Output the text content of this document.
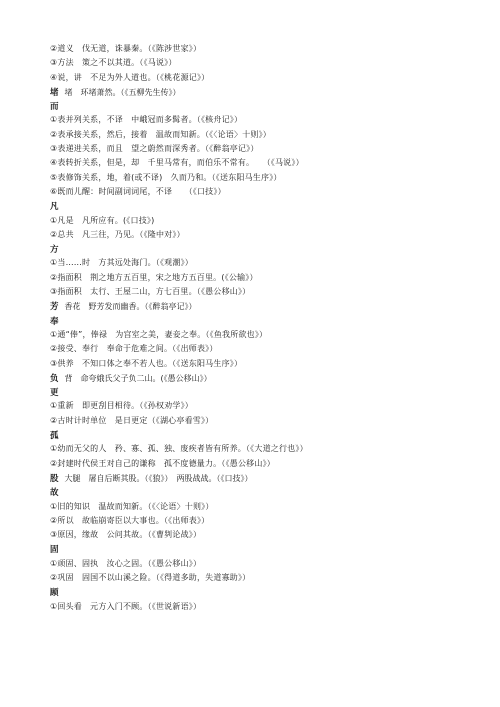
②道义　伐无道，诛暴秦。（《陈涉世家》）
③方法　策之不以其道。（《马说》）
④说，讲　不足为外人道也。（《桃花源记》）
堵 堵　环堵萧然。（《五柳先生传》）
而
①表并列关系，不译　中峨冠而多髯者。（《核舟记》）
②表承接关系，然后，接着　温故而知新。（《〈论语〉十则》）
③表递进关系，而且　望之蔚然而深秀者。（《醉翁亭记》）
④表转折关系，但是，却　千里马常有，而伯乐不常有。　　（《马说》）
⑤表修饰关系，地，着(或不译)　久而乃和。（《送东阳马生序》）
⑥既而儿醒：时间副词词尾，不译　　（《口技》）
凡
①凡是　凡所应有。(《口技》)
②总共　凡三往，乃见。（《隆中对》）
方
①当……时　方其远处海门。（《观潮》）
②指面积　荆之地方五百里，宋之地方五百里。(《公输》）
③指面积　太行、王屋二山，方七百里。（《愚公移山》）
芳 香花　野芳发而幽香。（《醉翁亭记》）
奉
①通“俸”，俸禄　为宫室之美，妻妾之奉。（《鱼我所欲也》）
②接受、奉行　奉命于危难之间。（《出师表》）
③供养　不知口体之奉不若人也。（《送东阳马生序》）
负 背　命夸娥氏父子负二山。(《愚公移山》）
更
①重新　即更刮目相待。（《孙权劝学》）
②古时计时单位　是日更定（《湖心亭看雪》）
孤
①幼而无父的人　矜、寡、孤、独、废疾者皆有所养。（《大道之行也》）
②封建时代侯王对自己的谦称　孤不度德量力。（《愚公移山》）
股 大腿　屠自后断其股。（《狼》）　两股战战。（《口技》）
故
①旧的知识　温故而知新。（《〈论语〉十则》）
②所以　故临崩寄臣以大事也。（《出师表》）
③原因，缘故　公问其故。（《曹刿论战》）
固
①顽固、固执　汝心之固。（《愚公移山》）
②巩固　固国不以山溪之险。（《得道多助，失道寡助》）
顾
①回头看　元方入门不顾。（《世说新语》）
